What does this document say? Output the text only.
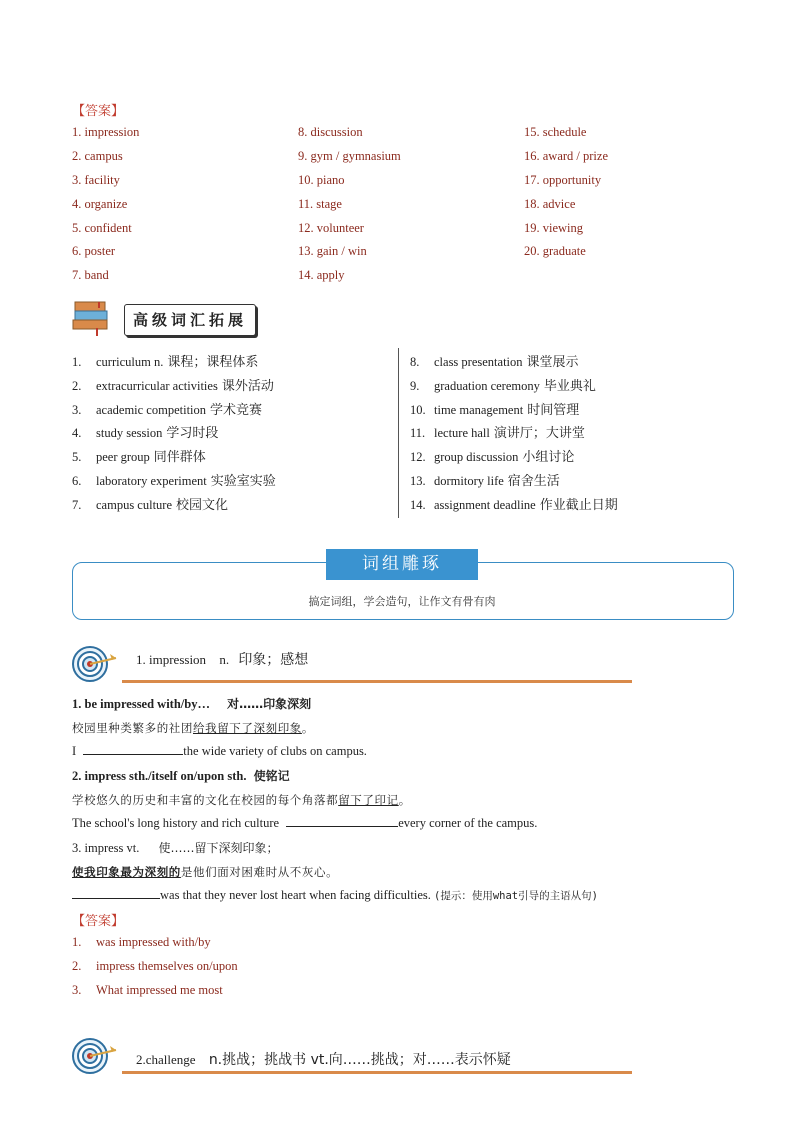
【答案】
1. impression
2. campus
3. facility
4. organize
5. confident
6. poster
7. band
8. discussion
9. gym / gymnasium
10. piano
11. stage
12. volunteer
13. gain / win
14. apply
15. schedule
16. award / prize
17. opportunity
18. advice
19. viewing
20. graduate
高级词汇拓展
1. curriculum n. 课程；课程体系
2. extracurricular activities 课外活动
3. academic competition 学术竞赛
4. study session 学习时段
5. peer group 同伴群体
6. laboratory experiment 实验室实验
7. campus culture 校园文化
8. class presentation 课堂展示
9. graduation ceremony 毕业典礼
10. time management 时间管理
11. lecture hall 演讲厅；大讲堂
12. group discussion 小组讨论
13. dormitory life 宿舍生活
14. assignment deadline 作业截止日期
词组雕琢
搞定词组，学会造句，让作文有骨有肉
1. impression n. 印象；感想
1. be impressed with/by… 对……印象深刻
校园里种类繁多的社团给我留下了深刻印象。
I	the wide variety of clubs on campus.
2. impress sth./itself on/upon sth. 使铭记
学校悠久的历史和丰富的文化在校园的每个角落都留下了印记。
The school's long history and rich culture	every corner of the campus.
3. impress vt. 使……留下深刻印象；
使我印象最为深刻的是他们面对困难时从不灰心。
was that they never lost heart when facing difficulties. (提示：使用what引导的主语从句)
【答案】
1. was impressed with/by
2. impress themselves on/upon
3. What impressed me most
2.challenge n.挑战；挑战书 vt.向……挑战；对……表示怀疑
